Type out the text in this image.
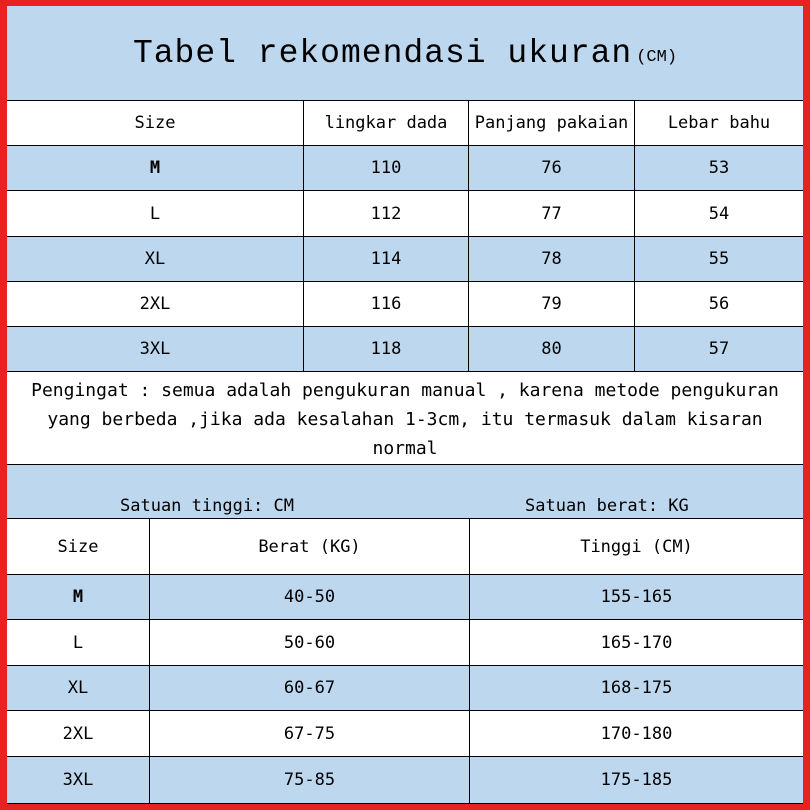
Tabel rekomendasi ukuran (CM)
Size	lingkar dada	Panjang pakaian	Lebar bahu
M	110	76	53
L	112	77	54
XL	114	78	55
2XL	116	79	56
3XL	118	80	57
Pengingat : semua adalah pengukuran manual , karena metode pengukuran
yang berbeda ,jika ada kesalahan 1-3cm, itu termasuk dalam kisaran
normal
Satuan tinggi: CM	Satuan berat: KG
Size	Berat (KG)	Tinggi (CM)
M	40-50	155-165
L	50-60	165-170
XL	60-67	168-175
2XL	67-75	170-180
3XL	75-85	175-185
